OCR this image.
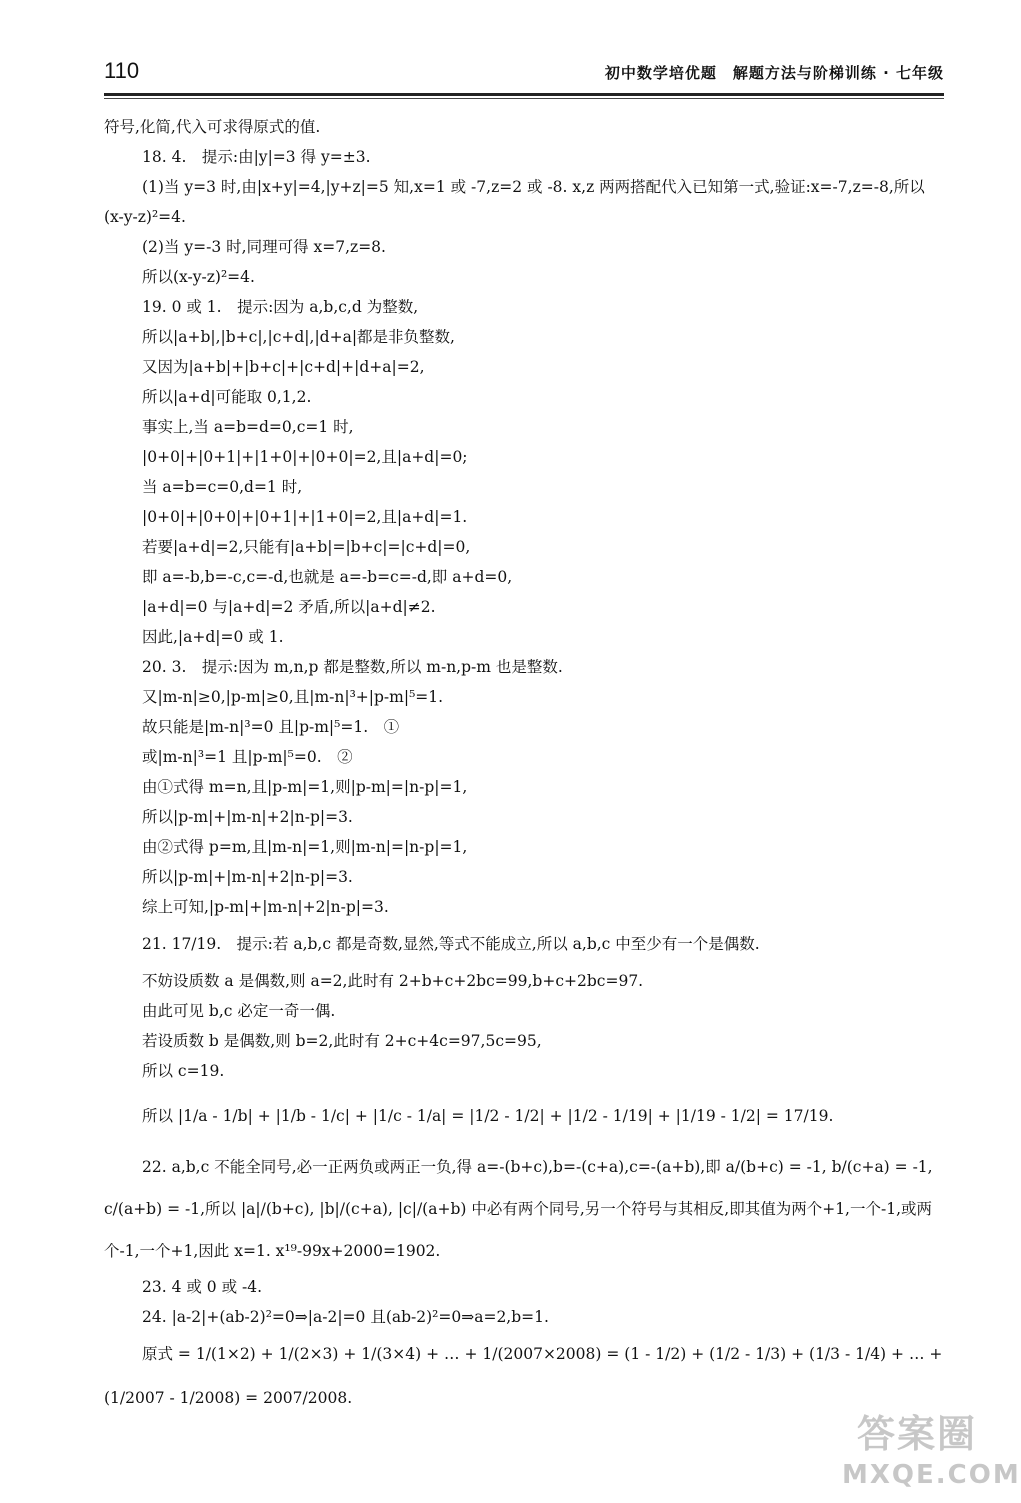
110	初中数学培优题　解题方法与阶梯训练 · 七年级
符号,化简,代入可求得原式的值.
18. 4.　提示:由|y|=3 得 y=±3.
(1)当 y=3 时,由|x+y|=4,|y+z|=5 知,x=1 或 -7,z=2 或 -8. x,z 两两搭配代入已知第一式,验证:x=-7,z=-8,所以(x-y-z)²=4.
(2)当 y=-3 时,同理可得 x=7,z=8.
所以(x-y-z)²=4.
19. 0 或 1.　提示:因为 a,b,c,d 为整数,
所以|a+b|,|b+c|,|c+d|,|d+a|都是非负整数,
又因为|a+b|+|b+c|+|c+d|+|d+a|=2,
所以|a+d|可能取 0,1,2.
事实上,当 a=b=d=0,c=1 时,
|0+0|+|0+1|+|1+0|+|0+0|=2,且|a+d|=0;
当 a=b=c=0,d=1 时,
|0+0|+|0+0|+|0+1|+|1+0|=2,且|a+d|=1.
若要|a+d|=2,只能有|a+b|=|b+c|=|c+d|=0,
即 a=-b,b=-c,c=-d,也就是 a=-b=c=-d,即 a+d=0,
|a+d|=0 与|a+d|=2 矛盾,所以|a+d|≠2.
因此,|a+d|=0 或 1.
20. 3.　提示:因为 m,n,p 都是整数,所以 m-n,p-m 也是整数.
又|m-n|≥0,|p-m|≥0,且|m-n|³+|p-m|⁵=1.
故只能是|m-n|³=0 且|p-m|⁵=1.　①
或|m-n|³=1 且|p-m|⁵=0.　②
由①式得 m=n,且|p-m|=1,则|p-m|=|n-p|=1,
所以|p-m|+|m-n|+2|n-p|=3.
由②式得 p=m,且|m-n|=1,则|m-n|=|n-p|=1,
所以|p-m|+|m-n|+2|n-p|=3.
综上可知,|p-m|+|m-n|+2|n-p|=3.
21. 17/19.　提示:若 a,b,c 都是奇数,显然,等式不能成立,所以 a,b,c 中至少有一个是偶数.
不妨设质数 a 是偶数,则 a=2,此时有 2+b+c+2bc=99,b+c+2bc=97.
由此可见 b,c 必定一奇一偶.
若设质数 b 是偶数,则 b=2,此时有 2+c+4c=97,5c=95,
所以 c=19.
所以 |1/a - 1/b| + |1/b - 1/c| + |1/c - 1/a| = |1/2 - 1/2| + |1/2 - 1/19| + |1/19 - 1/2| = 17/19.
22. a,b,c 不能全同号,必一正两负或两正一负,得 a=-(b+c),b=-(c+a),c=-(a+b),即 a/(b+c) = -1, b/(c+a) = -1, c/(a+b) = -1,所以 |a|/(b+c), |b|/(c+a), |c|/(a+b) 中必有两个同号,另一个符号与其相反,即其值为两个+1,一个-1,或两个-1,一个+1,因此 x=1. x¹⁹-99x+2000=1902.
23. 4 或 0 或 -4.
24. |a-2|+(ab-2)²=0⇒|a-2|=0 且(ab-2)²=0⇒a=2,b=1.
原式 = 1/(1×2) + 1/(2×3) + 1/(3×4) + … + 1/(2007×2008) = (1 - 1/2) + (1/2 - 1/3) + (1/3 - 1/4) + … + (1/2007 - 1/2008) = 2007/2008.
答案圈
MXQE.COM
